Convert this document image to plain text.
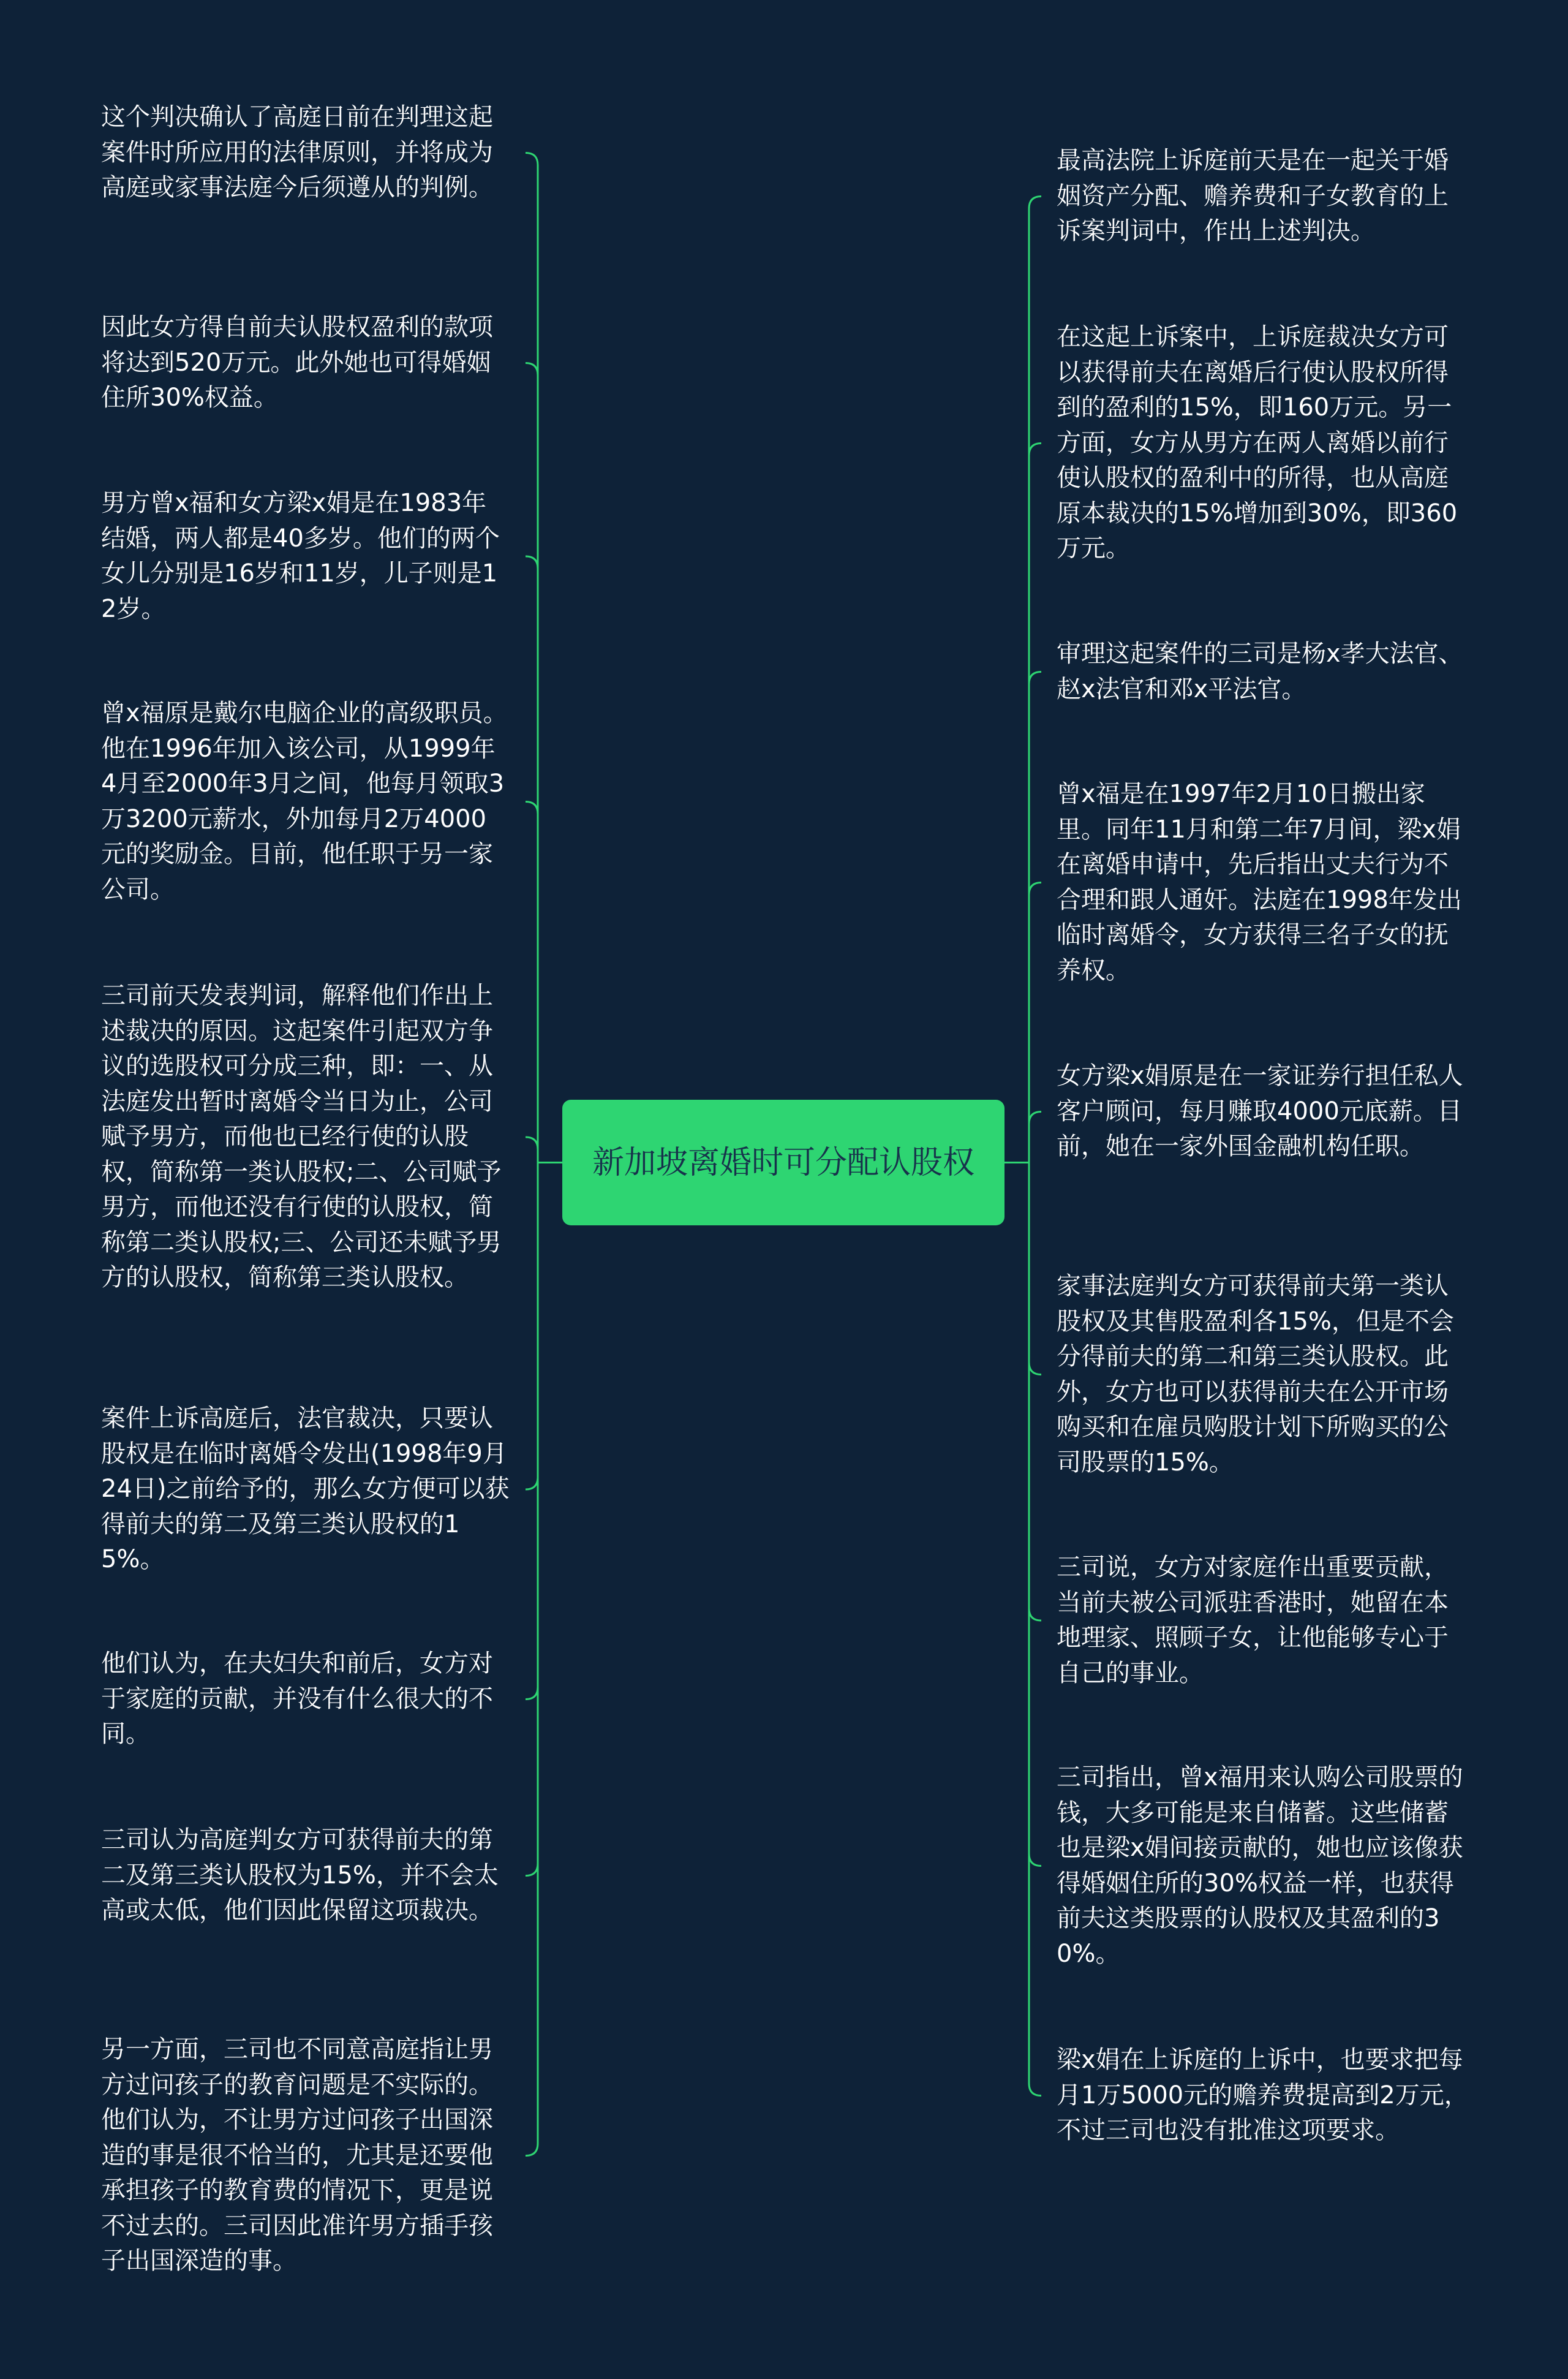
新加坡离婚时可分配认股权
这个判决确认了高庭日前在判理这起案件时所应用的法律原则，并将成为高庭或家事法庭今后须遵从的判例。
因此女方得自前夫认股权盈利的款项将达到520万元。此外她也可得婚姻住所30%权益。
男方曾x福和女方梁x娟是在1983年结婚，两人都是40多岁。他们的两个女儿分别是16岁和11岁，儿子则是12岁。
曾x福原是戴尔电脑企业的高级职员。他在1996年加入该公司，从1999年4月至2000年3月之间，他每月领取3万3200元薪水，外加每月2万4000元的奖励金。目前，他任职于另一家公司。
三司前天发表判词，解释他们作出上述裁决的原因。这起案件引起双方争议的选股权可分成三种，即：一、从法庭发出暂时离婚令当日为止，公司赋予男方，而他也已经行使的认股权，简称第一类认股权;二、公司赋予男方，而他还没有行使的认股权，简称第二类认股权;三、公司还未赋予男方的认股权，简称第三类认股权。
案件上诉高庭后，法官裁决，只要认股权是在临时离婚令发出(1998年9月24日)之前给予的，那么女方便可以获得前夫的第二及第三类认股权的15%。
他们认为，在夫妇失和前后，女方对于家庭的贡献，并没有什么很大的不同。
三司认为高庭判女方可获得前夫的第二及第三类认股权为15%，并不会太高或太低，他们因此保留这项裁决。
另一方面，三司也不同意高庭指让男方过问孩子的教育问题是不实际的。他们认为，不让男方过问孩子出国深造的事是很不恰当的，尤其是还要他承担孩子的教育费的情况下，更是说不过去的。三司因此准许男方插手孩子出国深造的事。
最高法院上诉庭前天是在一起关于婚姻资产分配、赡养费和子女教育的上诉案判词中，作出上述判决。
在这起上诉案中，上诉庭裁决女方可以获得前夫在离婚后行使认股权所得到的盈利的15%，即160万元。另一方面，女方从男方在两人离婚以前行使认股权的盈利中的所得，也从高庭原本裁决的15%增加到30%，即360万元。
审理这起案件的三司是杨x孝大法官、赵x法官和邓x平法官。
曾x福是在1997年2月10日搬出家里。同年11月和第二年7月间，梁x娟在离婚申请中，先后指出丈夫行为不合理和跟人通奸。法庭在1998年发出临时离婚令，女方获得三名子女的抚养权。
女方梁x娟原是在一家证券行担任私人客户顾问，每月赚取4000元底薪。目前，她在一家外国金融机构任职。
家事法庭判女方可获得前夫第一类认股权及其售股盈利各15%，但是不会分得前夫的第二和第三类认股权。此外，女方也可以获得前夫在公开市场购买和在雇员购股计划下所购买的公司股票的15%。
三司说，女方对家庭作出重要贡献，当前夫被公司派驻香港时，她留在本地理家、照顾子女，让他能够专心于自己的事业。
三司指出，曾x福用来认购公司股票的钱，大多可能是来自储蓄。这些储蓄也是梁x娟间接贡献的，她也应该像获得婚姻住所的30%权益一样，也获得前夫这类股票的认股权及其盈利的30%。
梁x娟在上诉庭的上诉中，也要求把每月1万5000元的赡养费提高到2万元，不过三司也没有批准这项要求。
